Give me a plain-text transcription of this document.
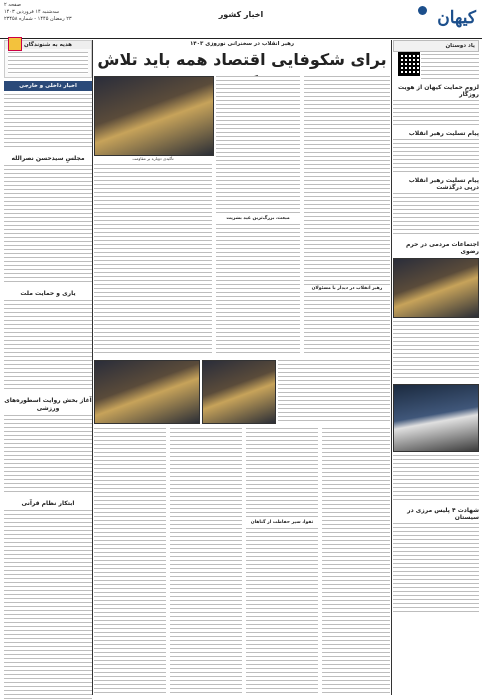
صفحه ۲
سه‌شنبه ۱۴ فروردین ۱۴۰۳
۲۳ رمضان ۱۴۴۵ - شماره ۲۳۴۵۸	اخبار کشور	کیهان
یاد دوستان
لزوم حمایت کیهان از هویت روزگار
پیام تسلیت رهبر انقلاب
پیام تسلیت رهبر انقلاب درپی درگذشت
اجتماعات مردمی در حرم رضوی
شهادت ۴ پلیس مرزی در سیستان
هدیه به شنوندگان
اخبار داخلی و خارجی
مجلسِ سیدحسن نصرالله
یاری و حمایت ملت
آغاز بخش روایت اسطوره‌های ورزشی
ابتکار نظام قرآنی
رهبر انقلاب در سخنرانی نوروزی ۱۴۰۳
برای شکوفایی اقتصاد همه باید تلاش
تأکیدی دوباره بر مقاومت
مبعث، بزرگ‌ترین عید بشریت
رهبر انقلاب در دیدار با مسئولان
تقوا، سپر حفاظت از گناهان
